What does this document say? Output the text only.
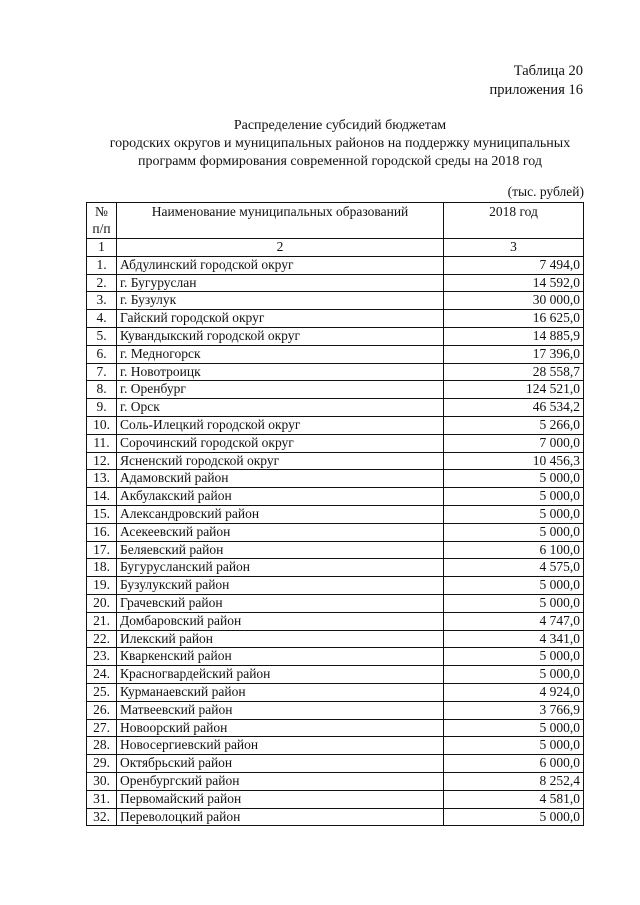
Таблица 20
приложения 16
Распределение субсидий бюджетам
городских округов и муниципальных районов на поддержку муниципальных
программ формирования современной городской среды на 2018 год
(тыс. рублей)
№ п/п	Наименование муниципальных образований	2018 год
1	2	3
1.	Абдулинский городской округ	7 494,0
2.	г. Бугуруслан	14 592,0
3.	г. Бузулук	30 000,0
4.	Гайский городской округ	16 625,0
5.	Кувандыкский городской округ	14 885,9
6.	г. Медногорск	17 396,0
7.	г. Новотроицк	28 558,7
8.	г. Оренбург	124 521,0
9.	г. Орск	46 534,2
10.	Соль-Илецкий городской округ	5 266,0
11.	Сорочинский городской округ	7 000,0
12.	Ясненский городской округ	10 456,3
13.	Адамовский район	5 000,0
14.	Акбулакский район	5 000,0
15.	Александровский район	5 000,0
16.	Асекеевский район	5 000,0
17.	Беляевский район	6 100,0
18.	Бугурусланский район	4 575,0
19.	Бузулукский район	5 000,0
20.	Грачевский район	5 000,0
21.	Домбаровский район	4 747,0
22.	Илекский район	4 341,0
23.	Кваркенский район	5 000,0
24.	Красногвардейский район	5 000,0
25.	Курманаевский район	4 924,0
26.	Матвеевский район	3 766,9
27.	Новоорский район	5 000,0
28.	Новосергиевский район	5 000,0
29.	Октябрьский район	6 000,0
30.	Оренбургский район	8 252,4
31.	Первомайский район	4 581,0
32.	Переволоцкий район	5 000,0
